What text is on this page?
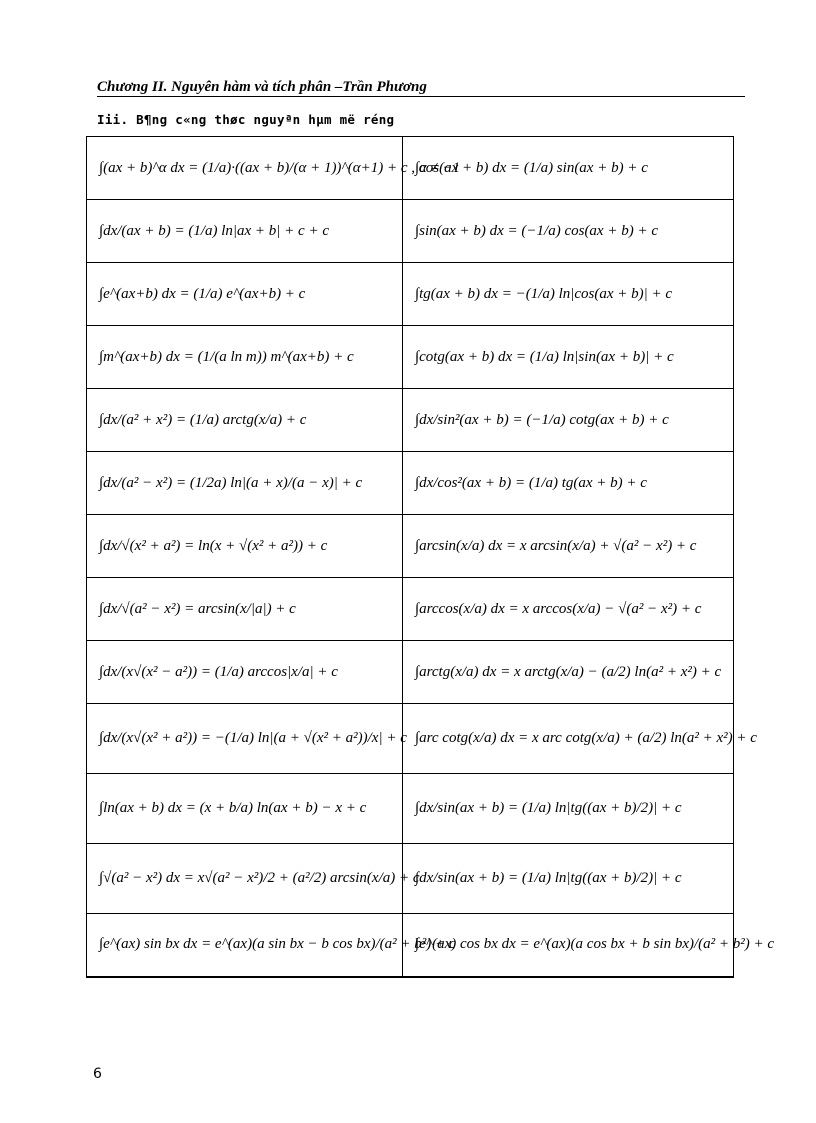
Chương II. Nguyên hàm và tích phân –Trần Phương
Iii. B¶ng c«ng thøc nguyªn hµm më réng
∫(ax + b)^α dx = (1/a)·((ax + b)/(α + 1))^(α+1) + c , α ≠ −1	∫cos(ax + b) dx = (1/a) sin(ax + b) + c
∫dx/(ax + b) = (1/a) ln|ax + b| + c + c	∫sin(ax + b) dx = (−1/a) cos(ax + b) + c
∫e^(ax+b) dx = (1/a) e^(ax+b) + c	∫tg(ax + b) dx = −(1/a) ln|cos(ax + b)| + c
∫m^(ax+b) dx = (1/(a ln m)) m^(ax+b) + c	∫cotg(ax + b) dx = (1/a) ln|sin(ax + b)| + c
∫dx/(a² + x²) = (1/a) arctg(x/a) + c	∫dx/sin²(ax + b) = (−1/a) cotg(ax + b) + c
∫dx/(a² − x²) = (1/2a) ln|(a + x)/(a − x)| + c	∫dx/cos²(ax + b) = (1/a) tg(ax + b) + c
∫dx/√(x² + a²) = ln(x + √(x² + a²)) + c	∫arcsin(x/a) dx = x arcsin(x/a) + √(a² − x²) + c
∫dx/√(a² − x²) = arcsin(x/|a|) + c	∫arccos(x/a) dx = x arccos(x/a) − √(a² − x²) + c
∫dx/(x√(x² − a²)) = (1/a) arccos|x/a| + c	∫arctg(x/a) dx = x arctg(x/a) − (a/2) ln(a² + x²) + c
∫dx/(x√(x² + a²)) = −(1/a) ln|(a + √(x² + a²))/x| + c	∫arc cotg(x/a) dx = x arc cotg(x/a) + (a/2) ln(a² + x²) + c
∫ln(ax + b) dx = (x + b/a) ln(ax + b) − x + c	∫dx/sin(ax + b) = (1/a) ln|tg((ax + b)/2)| + c
∫√(a² − x²) dx = x√(a² − x²)/2 + (a²/2) arcsin(x/a) + c	∫dx/sin(ax + b) = (1/a) ln|tg((ax + b)/2)| + c
∫e^(ax) sin bx dx = e^(ax)(a sin bx − b cos bx)/(a² + b²) + c	∫e^(ax) cos bx dx = e^(ax)(a cos bx + b sin bx)/(a² + b²) + c
6
